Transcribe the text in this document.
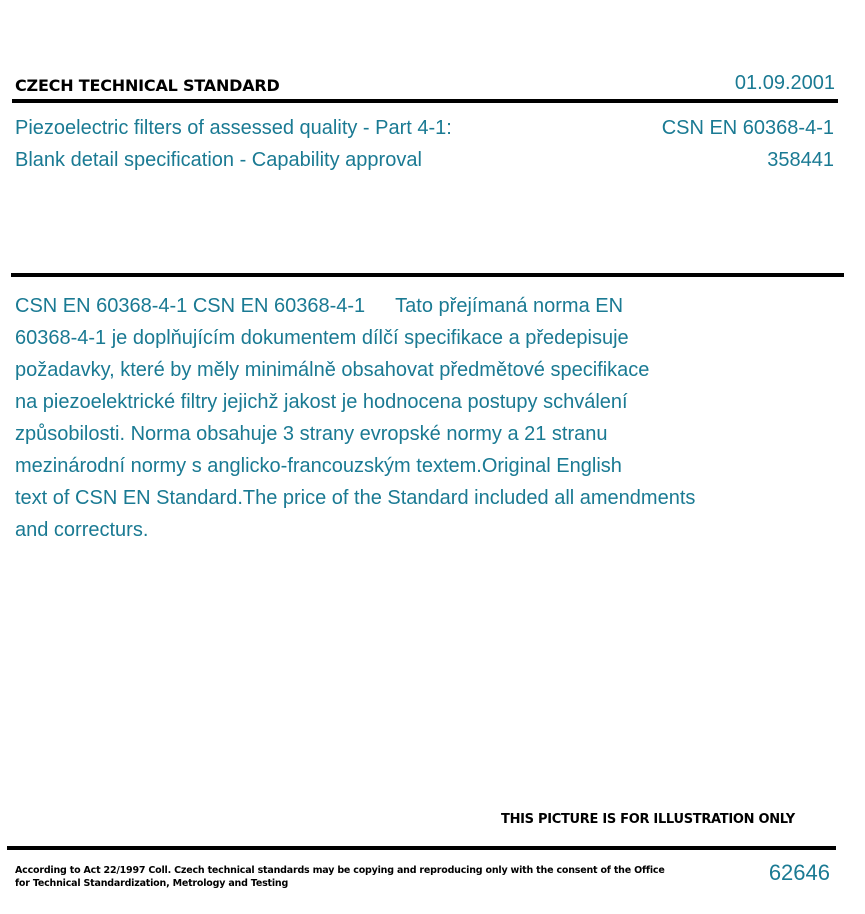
CZECH TECHNICAL STANDARD	01.09.2001
Piezoelectric filters of assessed quality - Part 4-1:
Blank detail specification - Capability approval
CSN EN 60368-4-1
358441
CSN EN 60368-4-1 CSN EN 60368-4-1 Tato přejímaná norma EN
60368-4-1 je doplňujícím dokumentem dílčí specifikace a předepisuje
požadavky, které by měly minimálně obsahovat předmětové specifikace
na piezoelektrické filtry jejichž jakost je hodnocena postupy schválení
způsobilosti. Norma obsahuje 3 strany evropské normy a 21 stranu
mezinárodní normy s anglicko-francouzským textem.Original English
text of CSN EN Standard.The price of the Standard included all amendments
and correcturs.
THIS PICTURE IS FOR ILLUSTRATION ONLY
According to Act 22/1997 Coll. Czech technical standards may be copying and reproducing only with the consent of the Office
for Technical Standardization, Metrology and Testing	62646
